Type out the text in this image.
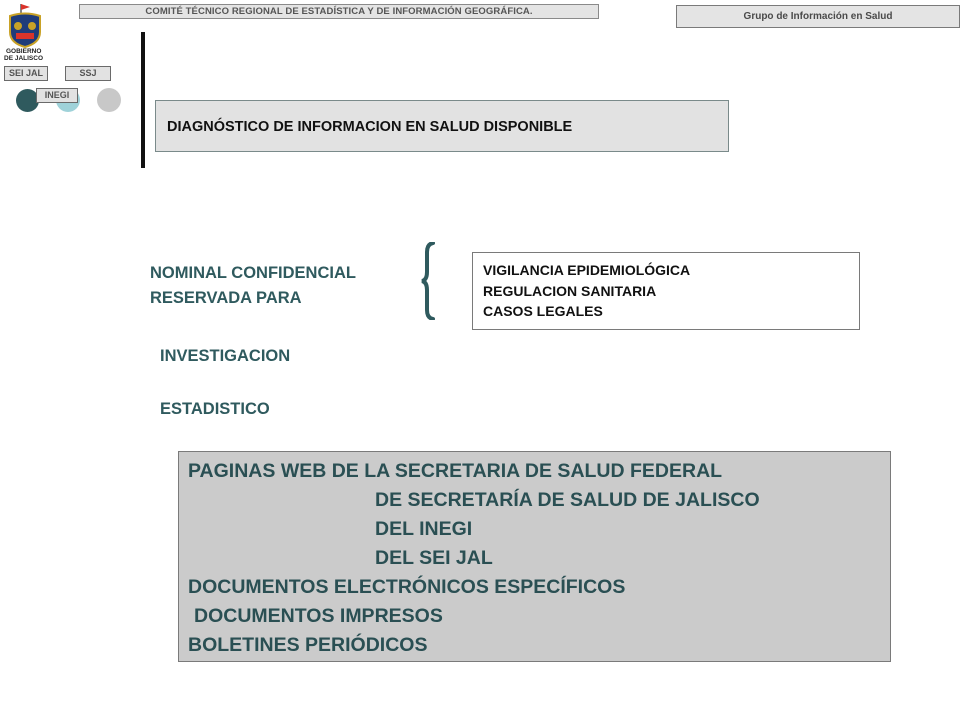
COMITÉ TÉCNICO REGIONAL DE ESTADÍSTICA Y DE INFORMACIÓN GEOGRÁFICA.	Grupo de Información en Salud
GOBIERNO
DE JALISCO
SEI JAL	SSJ
INEGI
DIAGNÓSTICO DE INFORMACION EN SALUD DISPONIBLE
NOMINAL CONFIDENCIAL
RESERVADA PARA
VIGILANCIA EPIDEMIOLÓGICA
REGULACION SANITARIA
CASOS LEGALES
INVESTIGACION
ESTADISTICO
PAGINAS WEB DE LA SECRETARIA DE SALUD FEDERAL
DE SECRETARÍA DE SALUD DE JALISCO
DEL INEGI
DEL SEI JAL
DOCUMENTOS ELECTRÓNICOS ESPECÍFICOS
DOCUMENTOS IMPRESOS
BOLETINES PERIÓDICOS
